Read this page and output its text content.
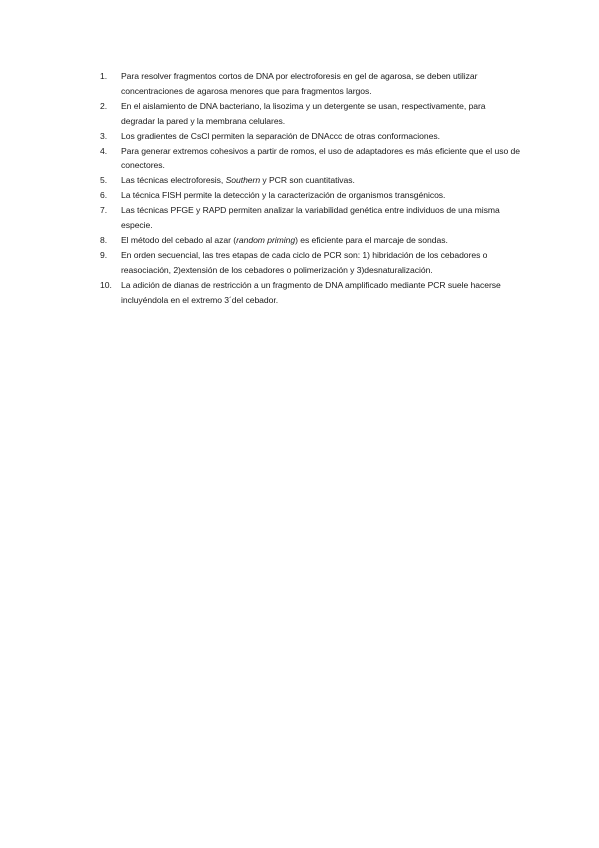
1. Para resolver fragmentos cortos de DNA por electroforesis en gel de agarosa, se deben utilizar concentraciones de agarosa menores que para fragmentos largos.
2. En el aislamiento de DNA bacteriano, la lisozima y un detergente se usan, respectivamente, para degradar la pared y la membrana celulares.
3. Los gradientes de CsCl permiten la separación de DNAccc de otras conformaciones.
4. Para generar extremos cohesivos a partir de romos, el uso de adaptadores es más eficiente que el uso de conectores.
5. Las técnicas electroforesis, Southern y PCR son cuantitativas.
6. La técnica FISH permite la detección y la caracterización de organismos transgénicos.
7. Las técnicas PFGE y RAPD permiten analizar la variabilidad genética entre individuos de una misma especie.
8. El método del cebado al azar (random priming) es eficiente para el marcaje de sondas.
9. En orden secuencial, las tres etapas de cada ciclo de PCR son: 1) hibridación de los cebadores o reasociación, 2)extensión de los cebadores o polimerización y 3)desnaturalización.
10. La adición de dianas de restricción a un fragmento de DNA amplificado mediante PCR suele hacerse incluyéndola en el extremo 3´del cebador.
